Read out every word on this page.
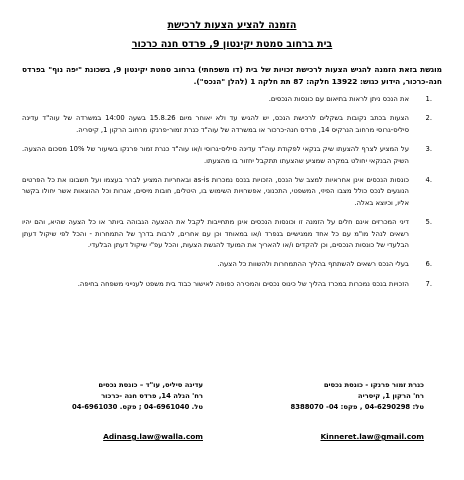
הזמנה להציע הצעות לרכישת
בית ברחוב סמטת יקינטון 9, פרדס חנה כרכור

מוגשת בזאת הזמנה להגיש הצעות לרכישת זכויות של בית (דו משפחתי) ברחוב סמטת יקינטון 9, בשכונת "יפה נוף" בפרדס חנה-כרכור, הידוע כגוש: 13922 חלקה: 87 תת חלקה 1 (להלן "הנכס").

1.
את הנכס ניתן לראות בתיאום עם כונסות הנכסים.
2.
הצעות בכתב נקובות בשקלים לרכישת הנכס, יש להגיש עד ולא יאוחר מיום 15.8.26 בשעה 14:00 במשרדה של עוה"ד עדינה סיליס-גרוסי מרחוב הנרקיס 14, פרדס חנה-כרכור או במשרדה של עוה"ד כנרת זמור-פרנקו מרחוב הרקון 1, קיסריה.
3.
על המציע לצרף להצעתו שיק בנקאי לפקודת עוה"ד עדינה סיליס-גרוסי ו/או עוה"ד כנרת זמור פרנקו בשיעור של 10% מסכום ההצעה. השיק הבנקאי יחולט במקרה שמציע שהצעתו תתקבל יחזור בו מהצעתו.
4.
כונסות הנכסים אינן אחראיות למצב של הנכס, הזכויות בנכס נמכרות as-is ובאחריות המציע לברר בעצמו ועל חשבונו את כל הפרטים הנוגעים לנכס כולל מצבו הפיזי, המשפטי, התכנוני, אפשרויות השימוש בו, היטלים, חובות מיסים, אגרות וכל ההוצאות אשר יחולו בקשר אליו, וכיוצא באלה.
5.
דיני המכרזים אינם חלים על הזמנה זו וכונסות הנכסים אינן מתחייבות לקבל את ההצעה הגבוהה ביותר או כל הצעה שהיא, והם יהיו רשאים לנהל מו"מ עם כל אחד ממגישיים בנפרד ו/או במאוחד וכן עם אחרים, לרבות בדרך של התמחרות - והכל לפי שיקול דעתן הבלעדי של כונסות הנכסים, וכן להקדים ו/או להאריך את המועד להגשת הצעות, והכל עפ"י שיקול דעתן הבלעדי.
6.
בעלי הנכס רשאים להשתתף בהליך ההתמחרות ולהשוות כל הצעה.
7.
הזכויות בנכס נמכרות במכרז בהליך של כינוס נכסים והמכירה כפופה לאישור כבוד בית משפט לענייני משפחה בחיפה.
כנרת זמור פרנקו - כונסת נכסים
רח' הרקון 1, קיסריה
טל: 04-6290298 , פקס: 04- 8388070
Kinneret.law@gmail.com
עדינה סיליס, עו"ד – כונסת נכסים
רח' הנלה 14, פרדס חנה -כרכור
טל. 04-6961040 ; פקס. 04-6961030
Adinasg.law@walla.com
